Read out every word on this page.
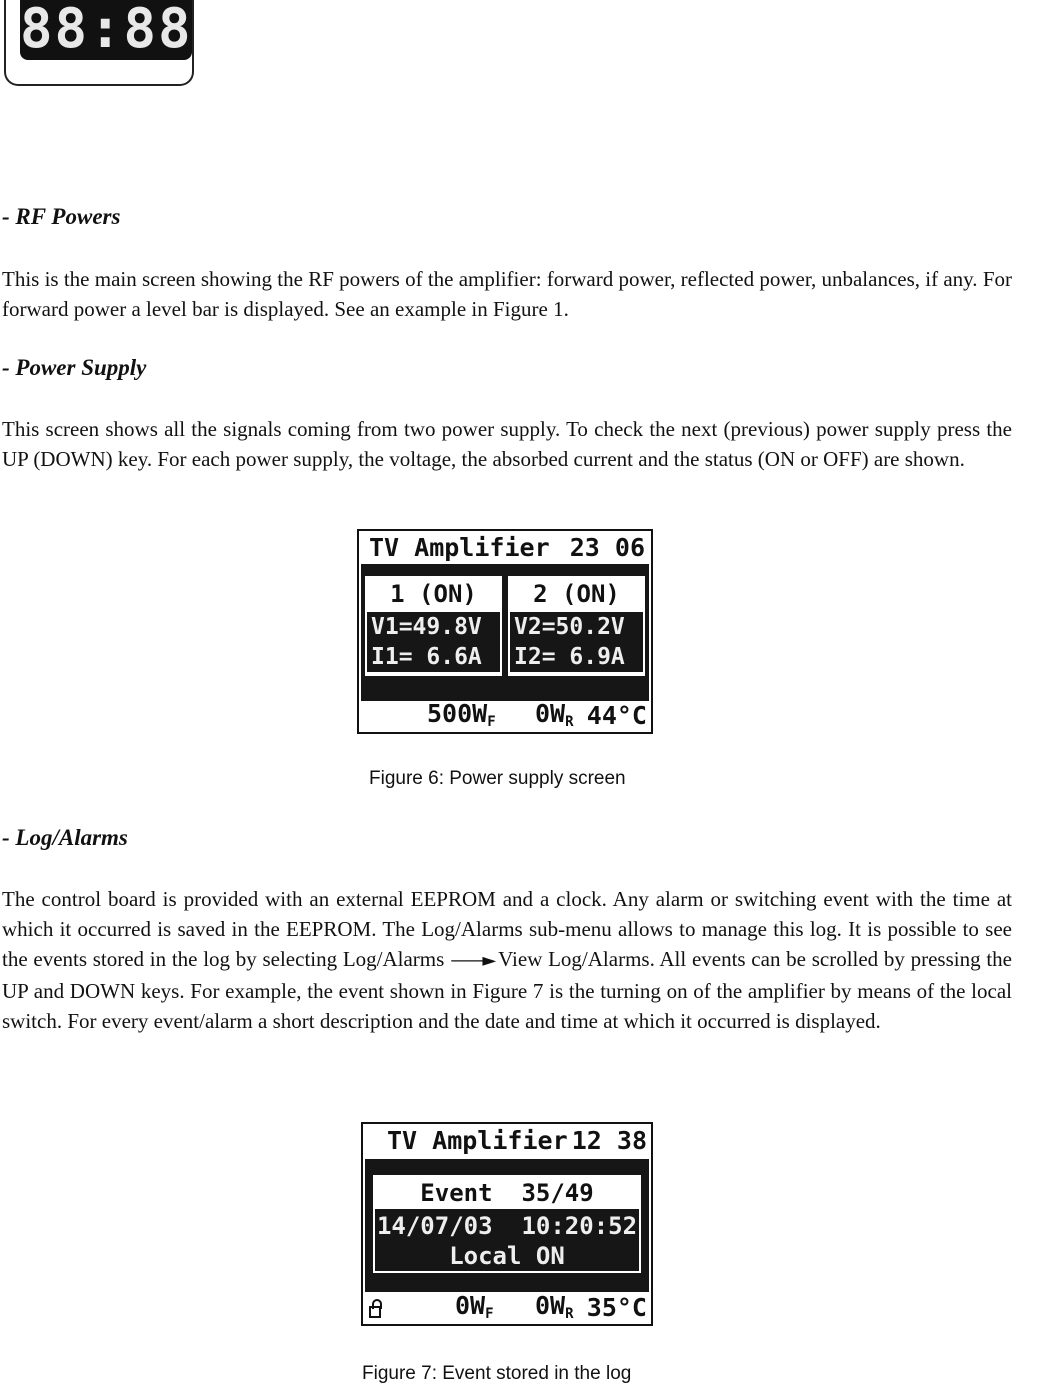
88:88
- RF Powers

This is the main screen showing the RF powers of the amplifier: forward power, reflected power, unbalances, if any. For forward power a level bar is displayed. See an example in Figure 1.

- Power Supply

This screen shows all the signals coming from two power supply. To check the next (previous) power supply press the UP (DOWN) key. For each power supply, the voltage, the absorbed current and the status (ON or OFF) are shown.

TV Amplifier 23 06
1 (ON)
V1=49.8V
I1= 6.6A
2 (ON)
V2=50.2V
I2= 6.9A
$500W_F$ $0W_R$ 44°C

Figure 6: Power supply screen

- Log/Alarms

The control board is provided with an external EEPROM and a clock. Any alarm or switching event with the time at which it occurred is saved in the EEPROM. The Log/Alarms sub-menu allows to manage this log. It is possible to see the events stored in the log by selecting Log/Alarms ——► View Log/Alarms. All events can be scrolled by pressing the UP and DOWN keys. For example, the event shown in Figure 7 is the turning on of the amplifier by means of the local switch. For every event/alarm a short description and the date and time at which it occurred is displayed.

TV Amplifier 12 38
Event  35/49
14/07/03  10:20:52
Local ON
$0W_F$ $0W_R$ 35°C

Figure 7: Event stored in the log
